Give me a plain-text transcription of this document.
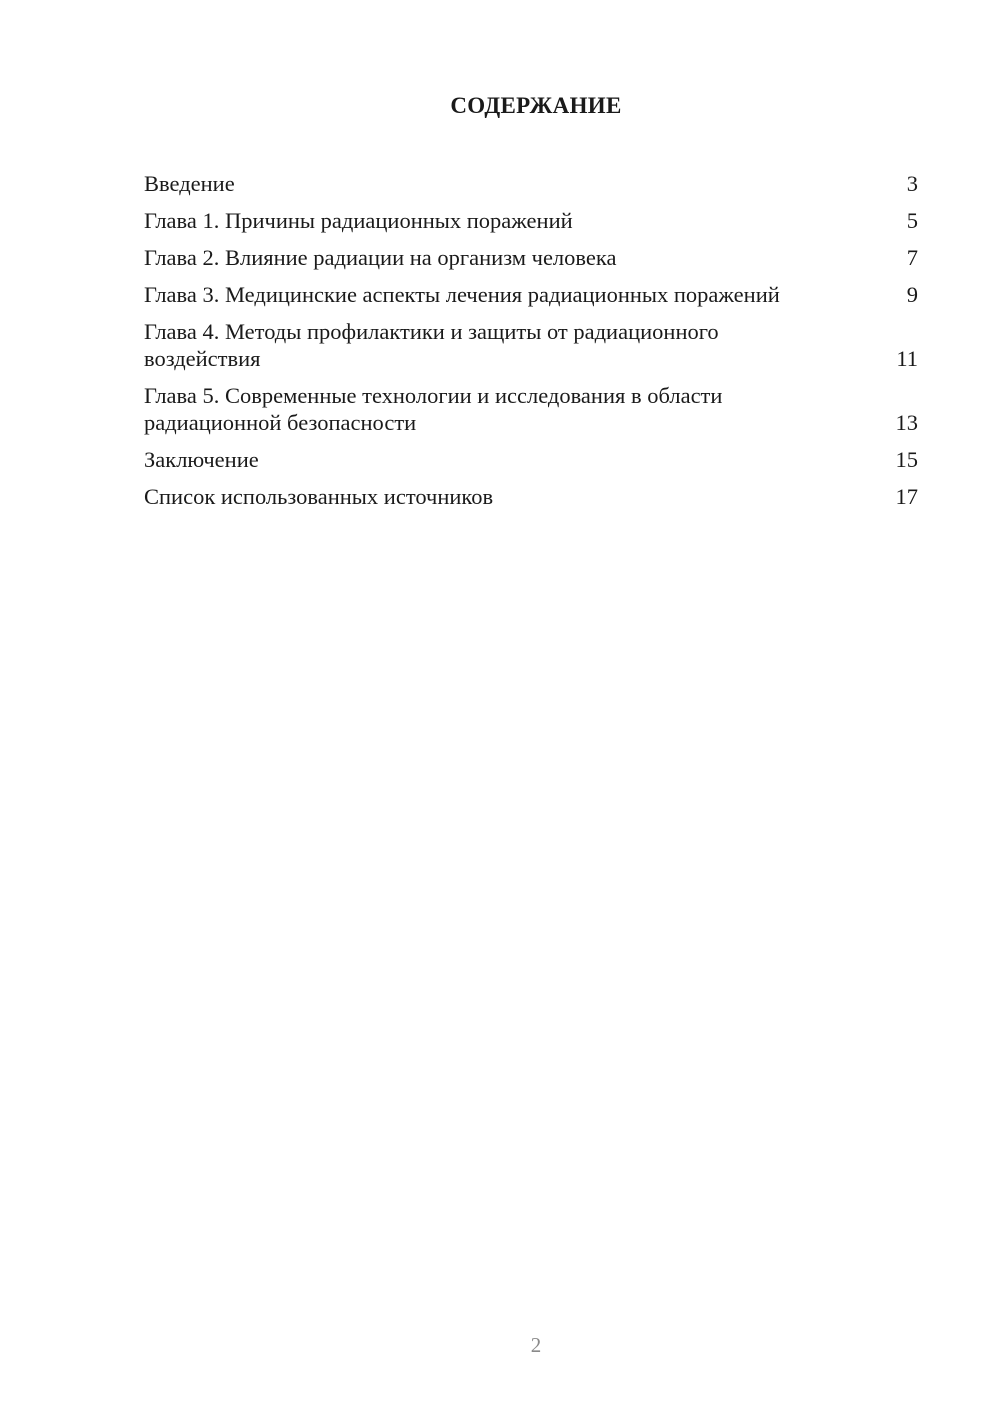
СОДЕРЖАНИЕ
Введение	3
Глава 1. Причины радиационных поражений	5
Глава 2. Влияние радиации на организм человека	7
Глава 3. Медицинские аспекты лечения радиационных поражений	9
Глава 4. Методы профилактики и защиты от радиационного воздействия	11
Глава 5. Современные технологии и исследования в области радиационной безопасности	13
Заключение	15
Список использованных источников	17
2
